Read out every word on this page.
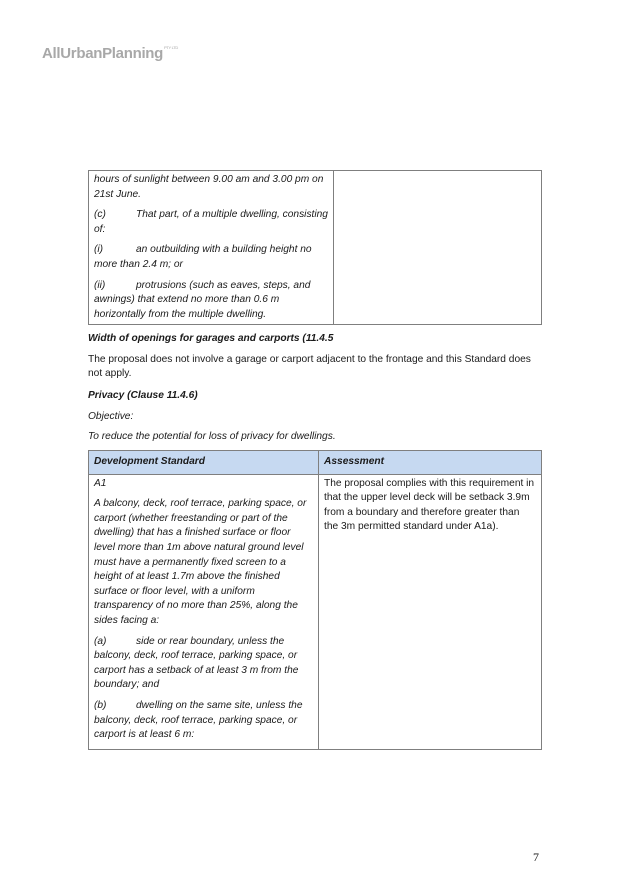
AllUrbanPlanning$^{PTY LTD}$

hours of sunlight between 9.00 am and 3.00 pm on 21st June.

(c)	That part, of a multiple dwelling, consisting of:

(i)	an outbuilding with a building height no more than 2.4 m; or

(ii)	protrusions (such as eaves, steps, and awnings) that extend no more than 0.6 m horizontally from the multiple dwelling.

Width of openings for garages and carports (11.4.5
The proposal does not involve a garage or carport adjacent to the frontage and this Standard does not apply.
Privacy (Clause 11.4.6)
Objective:
To reduce the potential for loss of privacy for dwellings.
Development Standard	Assessment

A1

A balcony, deck, roof terrace, parking space, or carport (whether freestanding or part of the dwelling) that has a finished surface or floor level more than 1m above natural ground level must have a permanently fixed screen to a height of at least 1.7m above the finished surface or floor level, with a uniform transparency of no more than 25%, along the sides facing a:

(a) side or rear boundary, unless the balcony, deck, roof terrace, parking space, or carport has a setback of at least 3 m from the boundary; and

(b) dwelling on the same site, unless the balcony, deck, roof terrace, parking space, or carport is at least 6 m:	The proposal complies with this requirement in that the upper level deck will be setback 3.9m from a boundary and therefore greater than the 3m permitted standard under A1a).
7
